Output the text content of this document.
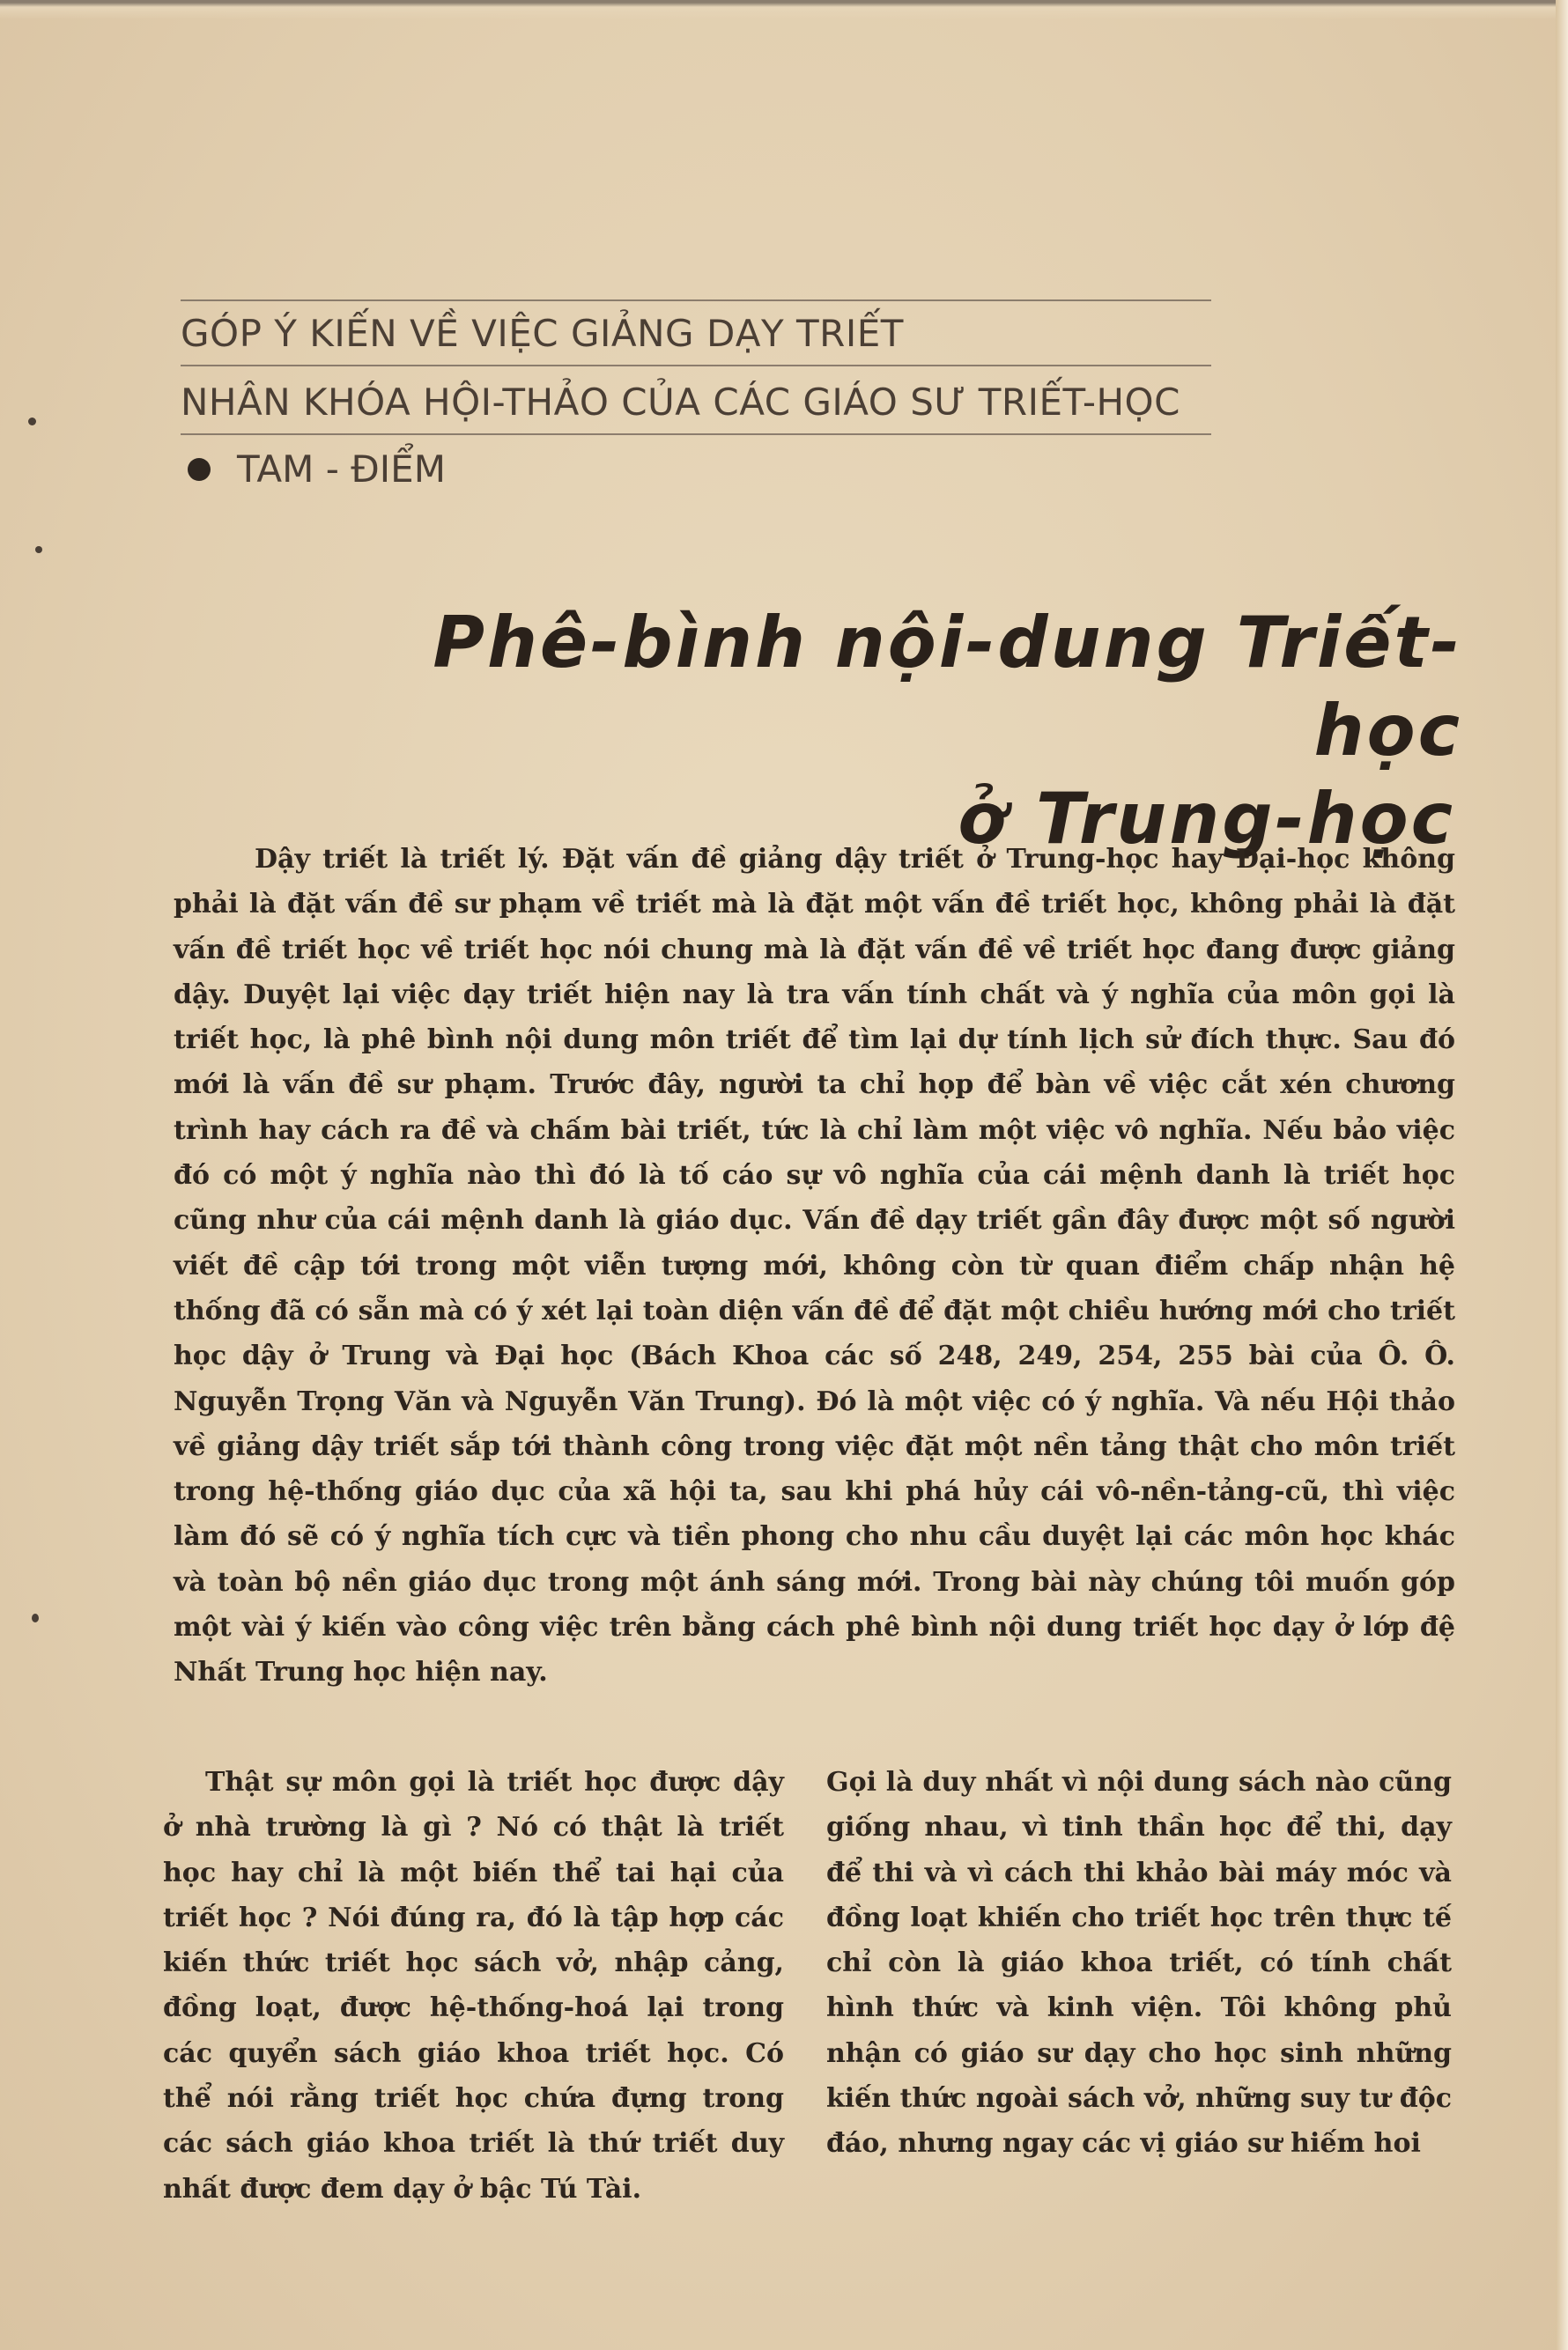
GÓP Ý KIẾN VỀ VIỆC GIẢNG DẠY TRIẾT
NHÂN KHÓA HỘI-THẢO CỦA CÁC GIÁO SƯ TRIẾT-HỌC
TAM - ĐIỂM
Phê-bình nội-dung Triết-học
ở Trung-học
Dậy triết là triết lý. Đặt vấn đề giảng dậy triết ở Trung-học hay Đại-học không phải là đặt vấn đề sư phạm về triết mà là đặt một vấn đề triết học, không phải là đặt vấn đề triết học về triết học nói chung mà là đặt vấn đề về triết học đang được giảng dậy. Duyệt lại việc dạy triết hiện nay là tra vấn tính chất và ý nghĩa của môn gọi là triết học, là phê bình nội dung môn triết để tìm lại dự tính lịch sử đích thực. Sau đó mới là vấn đề sư phạm. Trước đây, người ta chỉ họp để bàn về việc cắt xén chương trình hay cách ra đề và chấm bài triết, tức là chỉ làm một việc vô nghĩa. Nếu bảo việc đó có một ý nghĩa nào thì đó là tố cáo sự vô nghĩa của cái mệnh danh là triết học cũng như của cái mệnh danh là giáo dục. Vấn đề dạy triết gần đây được một số người viết đề cập tới trong một viễn tượng mới, không còn từ quan điểm chấp nhận hệ thống đã có sẵn mà có ý xét lại toàn diện vấn đề để đặt một chiều hướng mới cho triết học dậy ở Trung và Đại học (Bách Khoa các số 248, 249, 254, 255 bài của Ô. Ô. Nguyễn Trọng Văn và Nguyễn Văn Trung). Đó là một việc có ý nghĩa. Và nếu Hội thảo về giảng dậy triết sắp tới thành công trong việc đặt một nền tảng thật cho môn triết trong hệ-thống giáo dục của xã hội ta, sau khi phá hủy cái vô-nền-tảng-cũ, thì việc làm đó sẽ có ý nghĩa tích cực và tiền phong cho nhu cầu duyệt lại các môn học khác và toàn bộ nền giáo dục trong một ánh sáng mới. Trong bài này chúng tôi muốn góp một vài ý kiến vào công việc trên bằng cách phê bình nội dung triết học dạy ở lớp đệ Nhất Trung học hiện nay.
Thật sự môn gọi là triết học được dậy ở nhà trường là gì ? Nó có thật là triết học hay chỉ là một biến thể tai hại của triết học ? Nói đúng ra, đó là tập hợp các kiến thức triết học sách vở, nhập cảng, đồng loạt, được hệ-thống-hoá lại trong các quyển sách giáo khoa triết học. Có thể nói rằng triết học chứa đựng trong các sách giáo khoa triết là thứ triết duy nhất được đem dạy ở bậc Tú Tài.
Gọi là duy nhất vì nội dung sách nào cũng giống nhau, vì tinh thần học để thi, dạy để thi và vì cách thi khảo bài máy móc và đồng loạt khiến cho triết học trên thực tế chỉ còn là giáo khoa triết, có tính chất hình thức và kinh viện. Tôi không phủ nhận có giáo sư dạy cho học sinh những kiến thức ngoài sách vở, những suy tư độc đáo, nhưng ngay các vị giáo sư hiếm hoi
